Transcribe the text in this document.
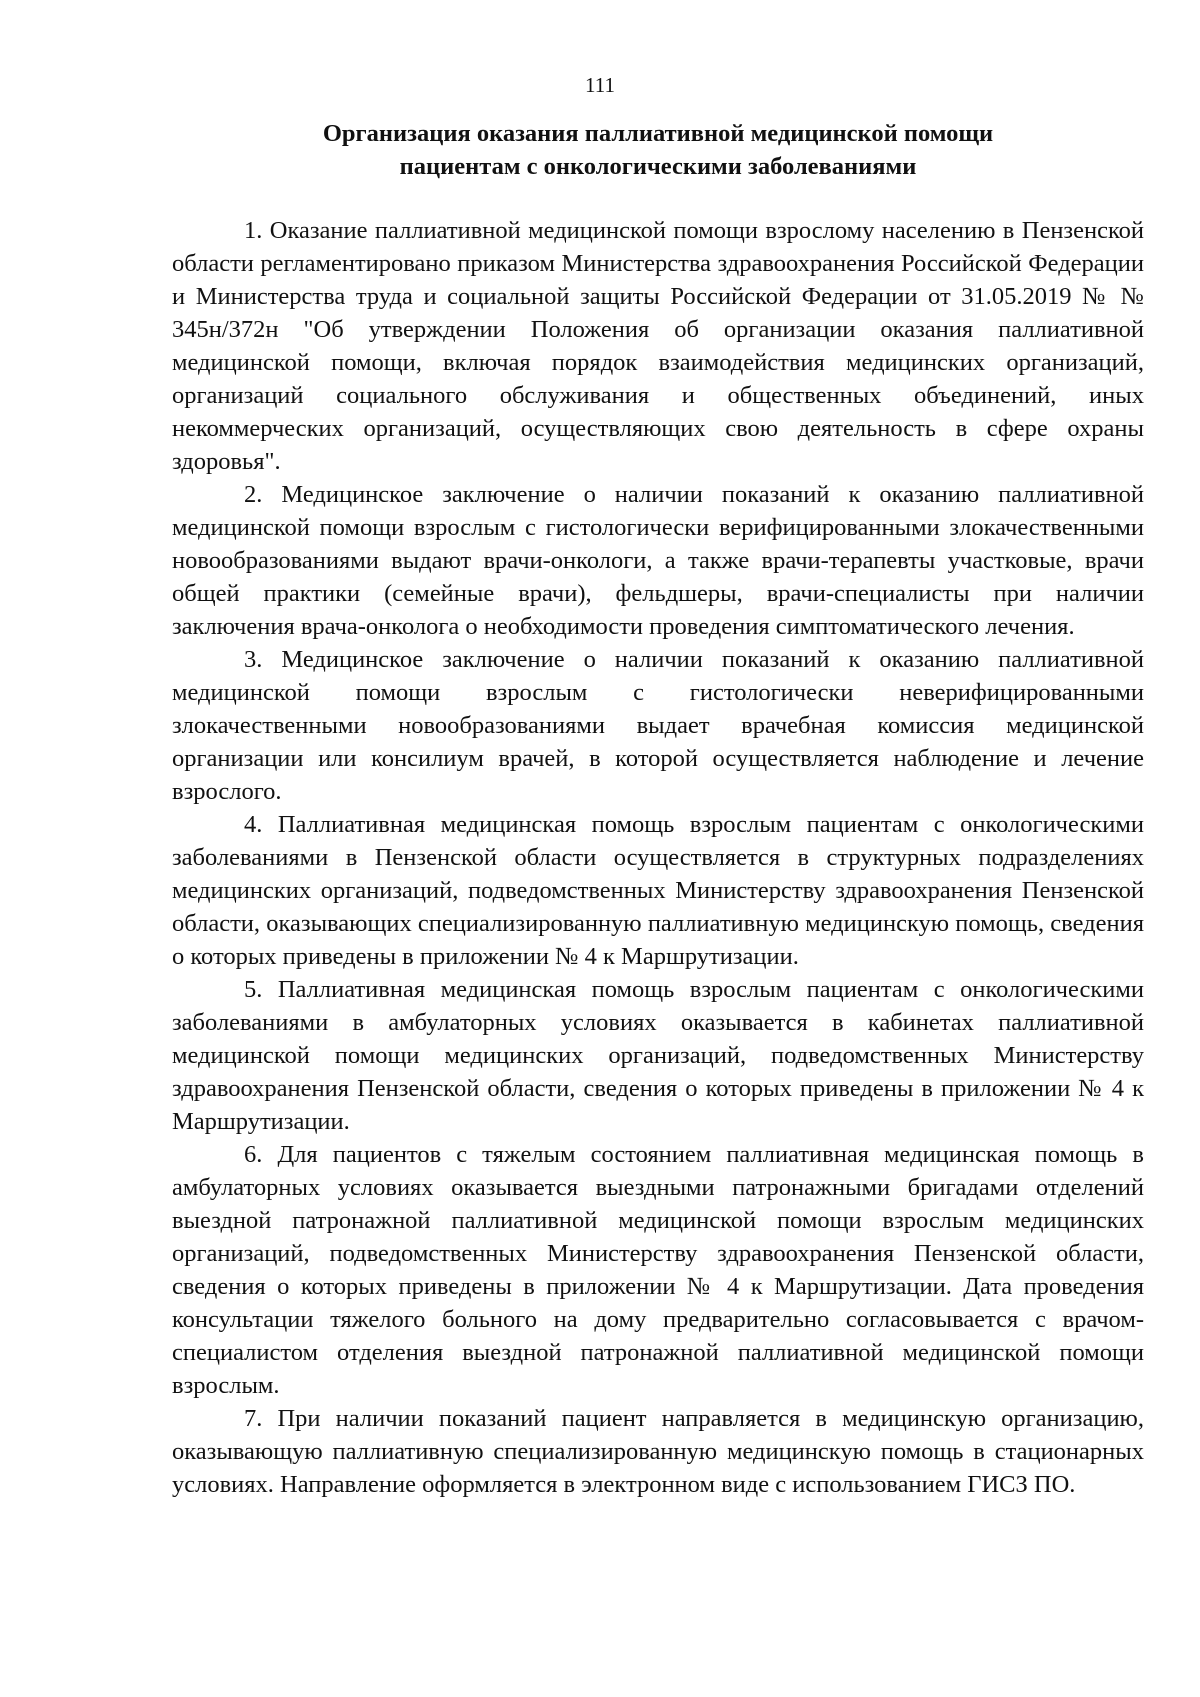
111
Организация оказания паллиативной медицинской помощи
пациентам с онкологическими заболеваниями

1. Оказание паллиативной медицинской помощи взрослому населению в Пензенской области регламентировано приказом Министерства здравоохранения Российской Федерации и Министерства труда и социальной защиты Российской Федерации от 31.05.2019 № № 345н/372н "Об утверждении Положения об организации оказания паллиативной медицинской помощи, включая порядок взаимодействия медицинских организаций, организаций социального обслуживания и общественных объединений, иных некоммерческих организаций, осуществляющих свою деятельность в сфере охраны здоровья".

2. Медицинское заключение о наличии показаний к оказанию паллиативной медицинской помощи взрослым с гистологически верифицированными злокачественными новообразованиями выдают врачи-онкологи, а также врачи-терапевты участковые, врачи общей практики (семейные врачи), фельдшеры, врачи-специалисты при наличии заключения врача-онколога о необходимости проведения симптоматического лечения.

3. Медицинское заключение о наличии показаний к оказанию паллиативной медицинской помощи взрослым с гистологически неверифицированными злокачественными новообразованиями выдает врачебная комиссия медицинской организации или консилиум врачей, в которой осуществляется наблюдение и лечение взрослого.

4. Паллиативная медицинская помощь взрослым пациентам с онкологическими заболеваниями в Пензенской области осуществляется в структурных подразделениях медицинских организаций, подведомственных Министерству здравоохранения Пензенской области, оказывающих специализированную паллиативную медицинскую помощь, сведения о которых приведены в приложении № 4 к Маршрутизации.

5. Паллиативная медицинская помощь взрослым пациентам с онкологическими заболеваниями в амбулаторных условиях оказывается в кабинетах паллиативной медицинской помощи медицинских организаций, подведомственных Министерству здравоохранения Пензенской области, сведения о которых приведены в приложении № 4 к Маршрутизации.

6. Для пациентов с тяжелым состоянием паллиативная медицинская помощь в амбулаторных условиях оказывается выездными патронажными бригадами отделений выездной патронажной паллиативной медицинской помощи взрослым медицинских организаций, подведомственных Министерству здравоохранения Пензенской области, сведения о которых приведены в приложении № 4 к Маршрутизации. Дата проведения консультации тяжелого больного на дому предварительно согласовывается с врачом-специалистом отделения выездной патронажной паллиативной медицинской помощи взрослым.

7. При наличии показаний пациент направляется в медицинскую организацию, оказывающую паллиативную специализированную медицинскую помощь в стационарных условиях. Направление оформляется в электронном виде с использованием ГИСЗ ПО.
